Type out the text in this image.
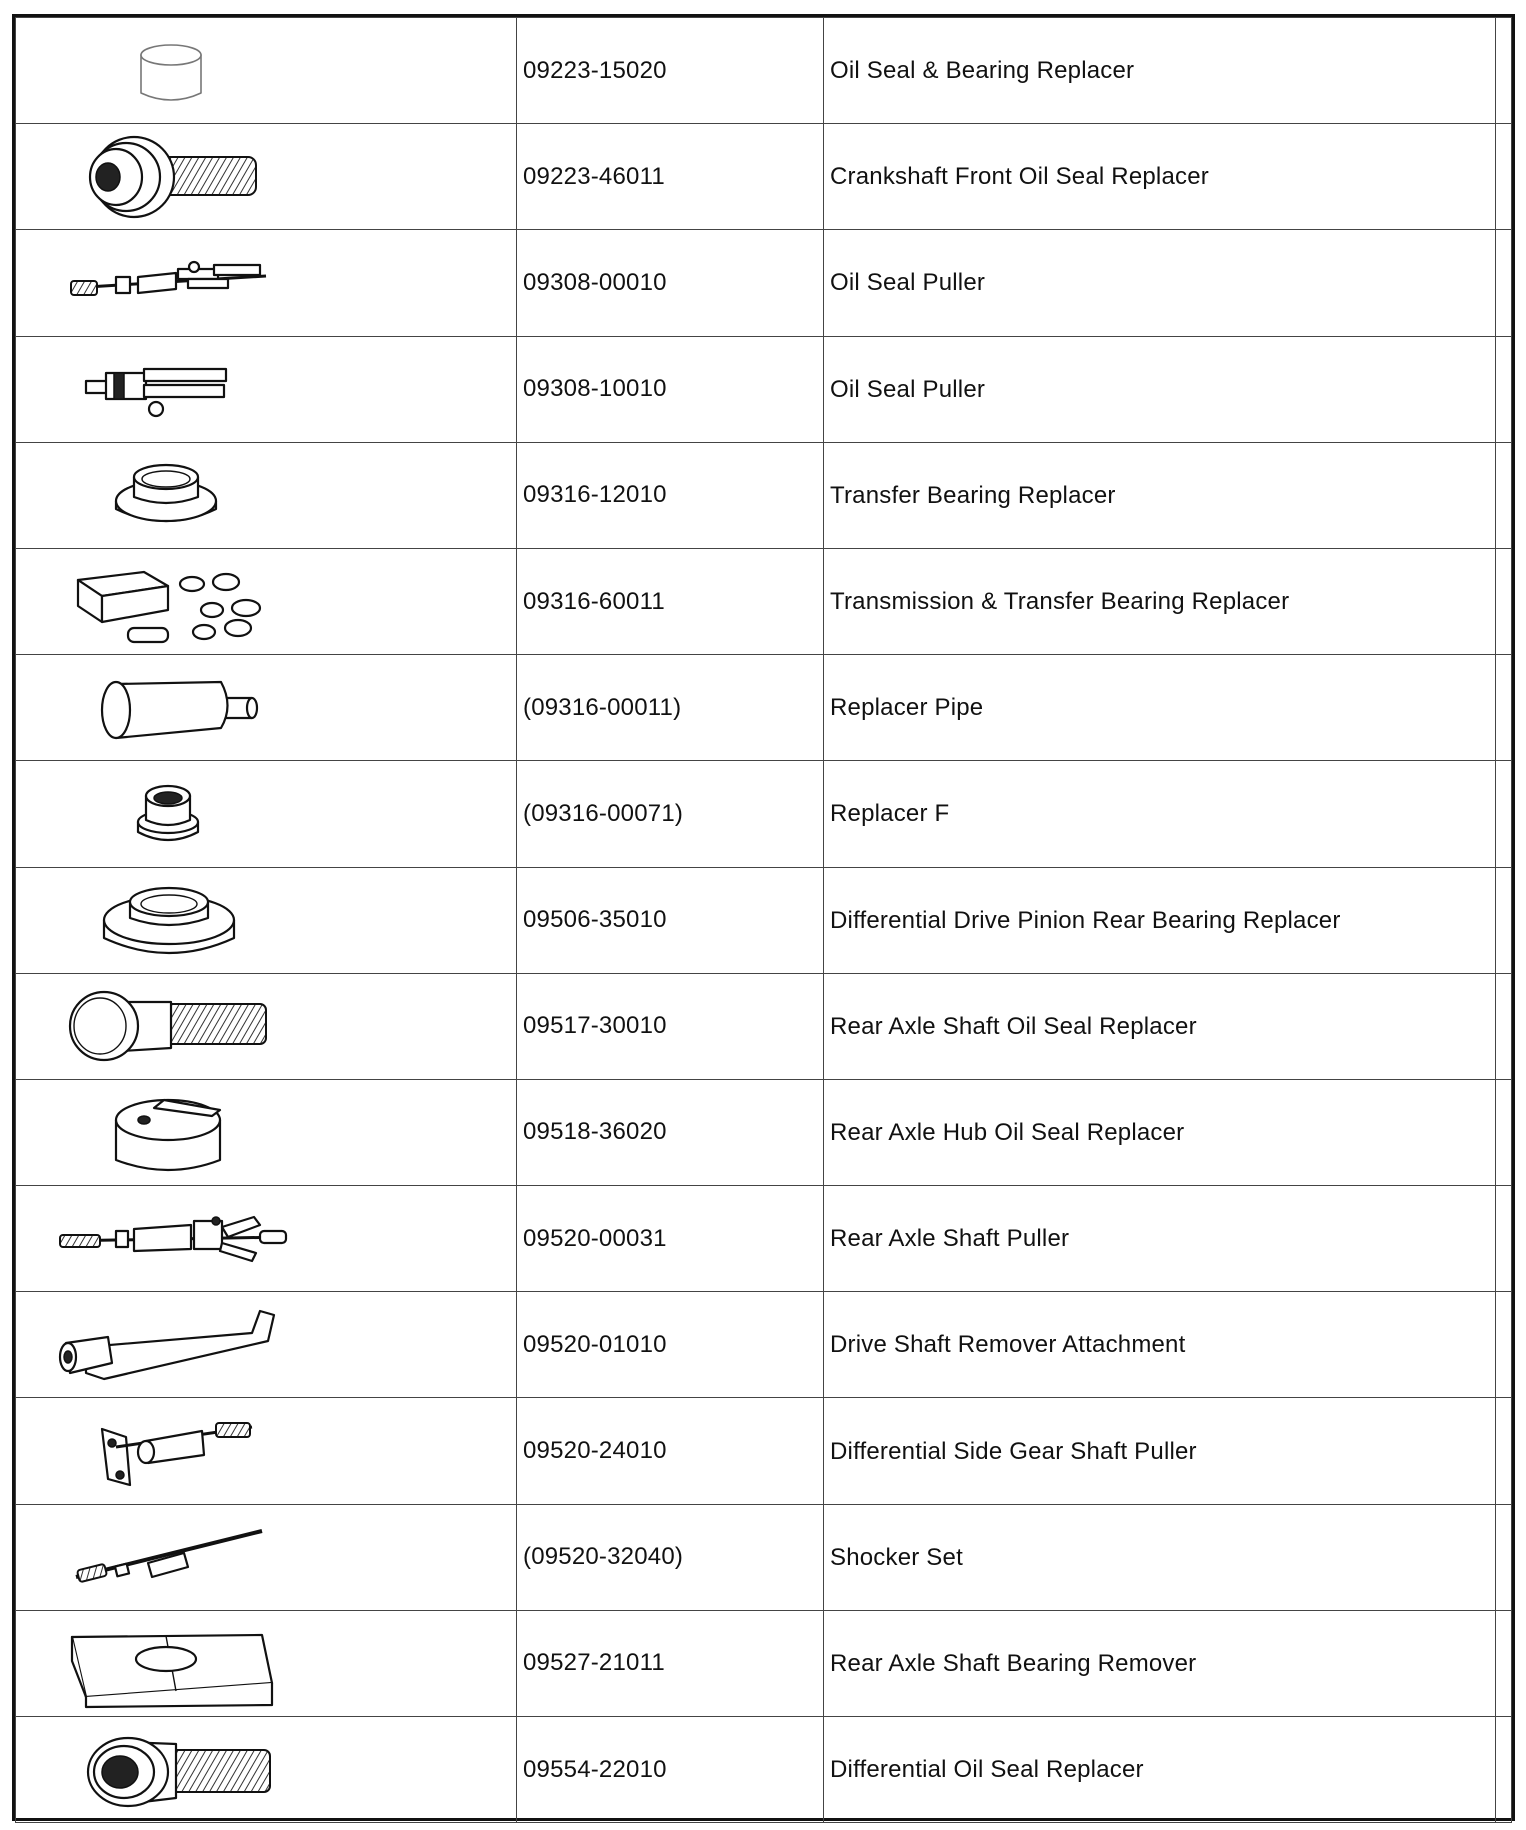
	09223-15020	Oil Seal & Bearing Replacer	

	09223-46011	Crankshaft Front Oil Seal Replacer	

	09308-00010	Oil Seal Puller	

	09308-10010	Oil Seal Puller	

	09316-12010	Transfer Bearing Replacer	

	09316-60011	Transmission & Transfer Bearing Replacer	

	(09316-00011)	Replacer Pipe	

	(09316-00071)	Replacer F	

	09506-35010	Differential Drive Pinion Rear Bearing Replacer	

	09517-30010	Rear Axle Shaft Oil Seal Replacer	

	09518-36020	Rear Axle Hub Oil Seal Replacer	

	09520-00031	Rear Axle Shaft Puller	

	09520-01010	Drive Shaft Remover Attachment	

	09520-24010	Differential Side Gear Shaft Puller	

	(09520-32040)	Shocker Set	

	09527-21011	Rear Axle Shaft Bearing Remover	

	09554-22010	Differential Oil Seal Replacer	
